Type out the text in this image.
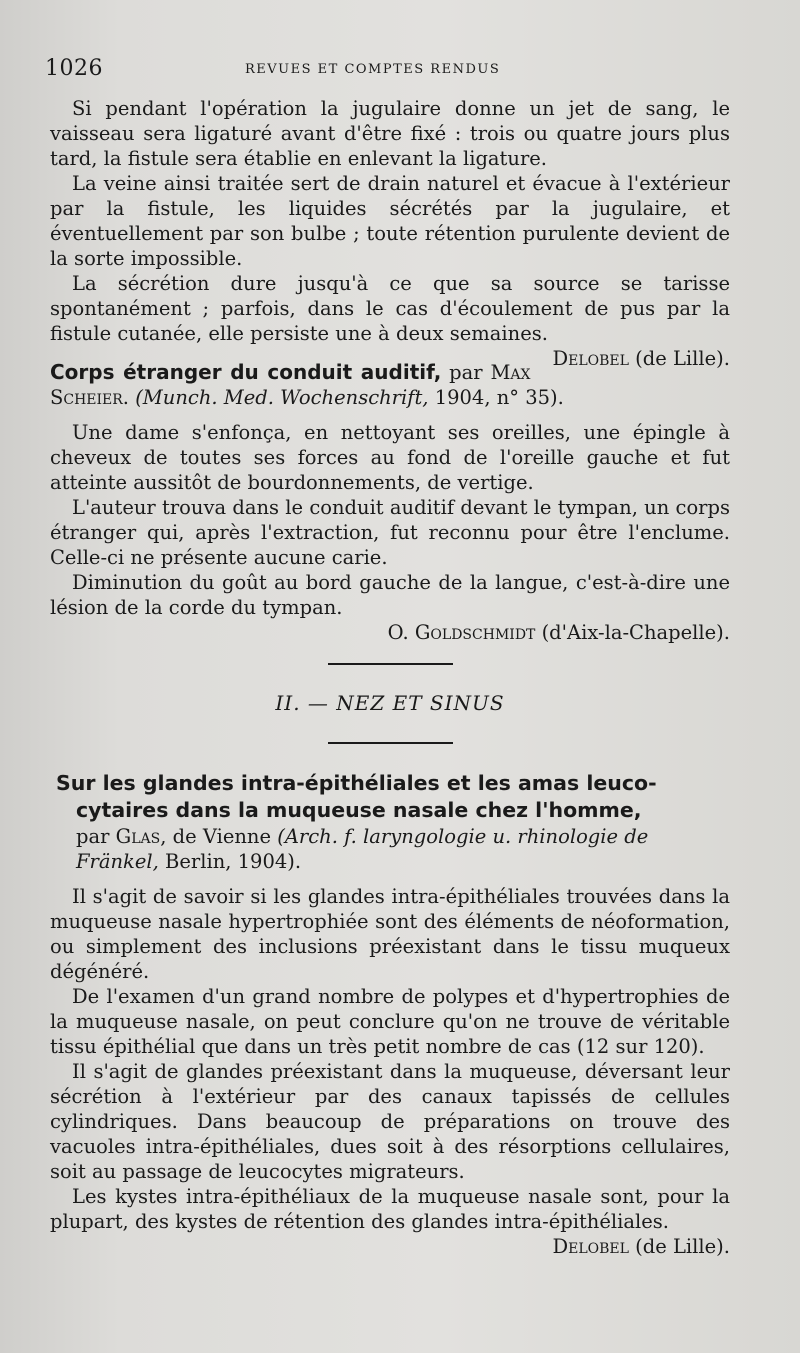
1026	REVUES ET COMPTES RENDUS

Si pendant l'opération la jugulaire donne un jet de sang, le vaisseau sera ligaturé avant d'être fixé : trois ou quatre jours plus tard, la fistule sera établie en enlevant la ligature.

La veine ainsi traitée sert de drain naturel et évacue à l'extérieur par la fistule, les liquides sécrétés par la jugulaire, et éventuellement par son bulbe ; toute rétention purulente devient de la sorte impossible.

La sécrétion dure jusqu'à ce que sa source se tarisse spontanément ; parfois, dans le cas d'écoulement de pus par la fistule cutanée, elle persiste une à deux semaines.
Delobel (de Lille).

Corps étranger du conduit auditif, par Max Scheier. (Munch. Med. Wochenschrift, 1904, n° 35).

Une dame s'enfonça, en nettoyant ses oreilles, une épingle à cheveux de toutes ses forces au fond de l'oreille gauche et fut atteinte aussitôt de bourdonnements, de vertige.

L'auteur trouva dans le conduit auditif devant le tympan, un corps étranger qui, après l'extraction, fut reconnu pour être l'enclume. Celle-ci ne présente aucune carie.

Diminution du goût au bord gauche de la langue, c'est-à-dire une lésion de la corde du tympan.

O. Goldschmidt (d'Aix-la-Chapelle).

II. — NEZ ET SINUS
Sur les glandes intra-épithéliales et les amas leuco-
cytaires dans la muqueuse nasale chez l'homme,
par Glas, de Vienne (Arch. f. laryngologie u. rhinologie de Fränkel, Berlin, 1904).

Il s'agit de savoir si les glandes intra-épithéliales trouvées dans la muqueuse nasale hypertrophiée sont des éléments de néoformation, ou simplement des inclusions préexistant dans le tissu muqueux dégénéré.

De l'examen d'un grand nombre de polypes et d'hypertrophies de la muqueuse nasale, on peut conclure qu'on ne trouve de véritable tissu épithélial que dans un très petit nombre de cas (12 sur 120).

Il s'agit de glandes préexistant dans la muqueuse, déversant leur sécrétion à l'extérieur par des canaux tapissés de cellules cylindriques. Dans beaucoup de préparations on trouve des vacuoles intra-épithéliales, dues soit à des résorptions cellulaires, soit au passage de leucocytes migrateurs.

Les kystes intra-épithéliaux de la muqueuse nasale sont, pour la plupart, des kystes de rétention des glandes intra-épithéliales.

Delobel (de Lille).
